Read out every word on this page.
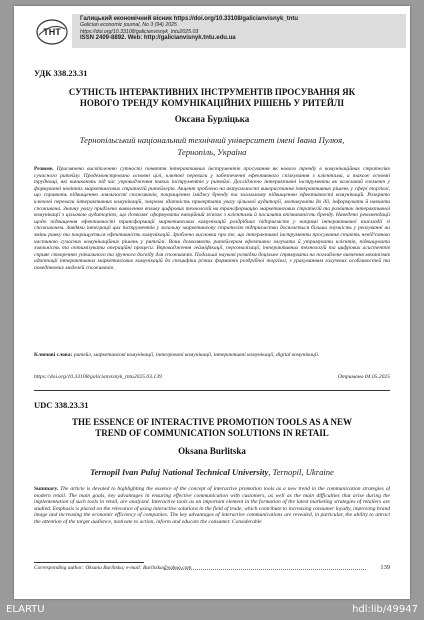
ТНТ
Галицький економічний вісник https://doi.org/10.33108/galicianvisnyk_tntu
Galician economic journal, No 3 (94) 2025
https://doi.org/10.33108/galicianvisnyk_tntu2025.03
ISSN 2409-8892. Web: http://galicianvisnyk.tntu.edu.ua
УДК 338.23.31
СУТНІСТЬ ІНТЕРАКТИВНИХ ІНСТРУМЕНТІВ ПРОСУВАННЯ ЯК
НОВОГО ТРЕНДУ КОМУНІКАЦІЙНИХ РІШЕНЬ У РИТЕЙЛІ
Оксана Бурліцька
Тернопільський національний технічний університет імені Івана Пулюя,
Тернопіль, Україна
Резюме. Присвячено висвітленню сутності поняття інтерактивних інструментів просування як нового тренду в комунікаційних стратегіях сучасного ритейлу. Продемонстровано основні цілі, ключові переваги у забезпеченні ефективного спілкування з клієнтами, а також основні труднощі, які виникають під час упровадження таких інструментів у ритейлі. Досліджено інтерактивні інструменти як важливий елемент у формуванні новітніх маркетингових стратегій ритейлерів. Акцент зроблено на актуальності використання інтерактивних рішень у сфері торгівлі, що сприяють підвищенню лояльності споживачів, покращенню іміджу бренду та загальному підвищенню ефективності комунікацій. Розкрито ключові переваги інтерактивних комунікацій, зокрема здатність привертати увагу цільової аудиторії, мотивувати до дії, інформувати й навчати споживача. Значну увагу приділено виявленню впливу цифрових технологій на трансформацію маркетингових стратегій та розвиток інтерактивної комунікації з цільовою аудиторією, що дозволяє сформувати емоційний зв'язок з клієнтами й посилити впізнаваність бренду. Наведено рекомендації щодо підвищення ефективності трансформації маркетингових комунікацій роздрібних підприємств у напрямі інтерактивної взаємодії зі споживачем. Завдяки інтеграції цих інструментів у загальну маркетингову стратегію підприємства досягається більша гнучкість у реагуванні на зміни ринку та покращується ефективність комунікацій. Зроблено висновки про те, що інтерактивні інструменти просування стають невід'ємною частиною сучасних комунікаційних рішень у ритейлі. Вони дозволяють ритейлерам ефективно залучати й утримувати клієнтів, підвищувати лояльність та оптимізувати операційні процеси. Впровадження гейміфікації, персоналізації, інтерактивних технологій та цифрових асистентів сприяє створенню унікального та зручного досвіду для споживачів. Подальші наукові розвідки доцільно спрямувати на поглиблене вивчення механізмів адаптації інтерактивних маркетингових комунікацій до специфіки різних форматів роздрібної торгівлі, з урахуванням галузевих особливостей та поведінкових моделей споживачів.
Ключові слова: ритейл, маркетингові комунікації, інтегровані комунікації, інтерактивні комунікації, digital комунікації.
https://doi.org/10.33108/galicianvisnyk_tntu2025.03.139	Отримано 04.05.2025
UDC 338.23.31
THE ESSENCE OF INTERACTIVE PROMOTION TOOLS AS A NEW
TREND OF COMMUNICATION SOLUTIONS IN RETAIL
Oksana Burlitska
Ternopil Ivan Puluj National Technical University, Ternopil, Ukraine
Summary. The article is devoted to highlighting the essence of the concept of interactive promotion tools as a new trend in the communication strategies of modern retail. The main goals, key advantages in ensuring effective communication with customers, as well as the main difficulties that arise during the implementation of such tools in retail, are analyzed. Interactive tools as an important element in the formation of the latest marketing strategies of retailers are studied. Emphasis is placed on the relevance of using interactive solutions in the field of trade, which contribute to increasing consumer loyalty, improving brand image and increasing the economic efficiency of companies. The key advantages of interactive communications are revealed, in particular, the ability to attract the attention of the target audience, motivate to action, inform and educate the consumer. Considerable
Corresponding author: Oksana Burlitska; e-mail: Burlitska@yahoo.com	139
ELARTU	hdl:lib/49947
